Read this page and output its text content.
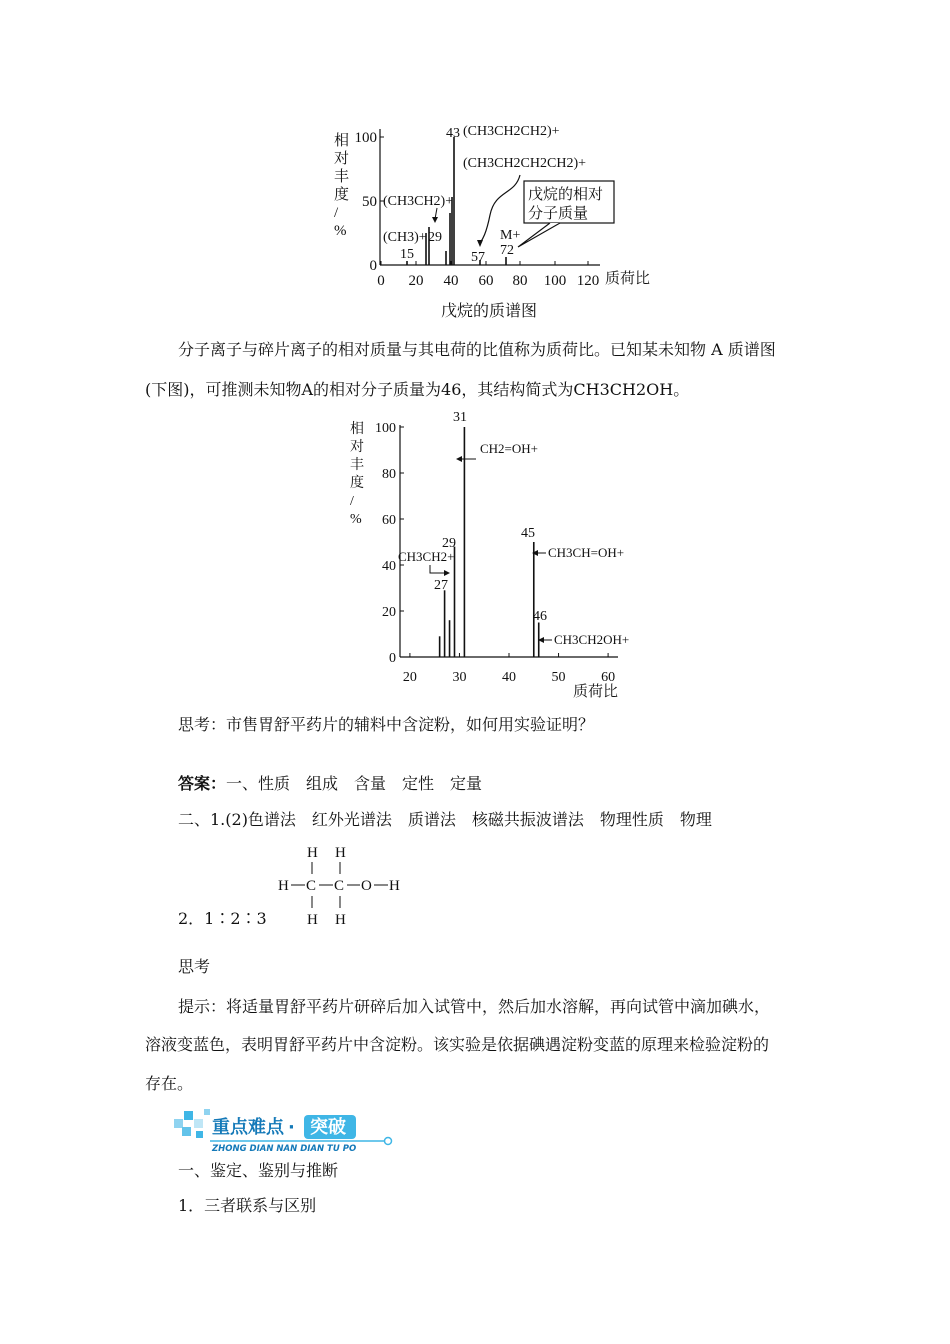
相对丰度/ %
100
50
0
0 20 40 60 80 100 120 质荷比
(CH3)+
15
(CH3CH2)+
29
43 (CH3CH2CH2)+
(CH3CH2CH2CH2)+
57
M+
72
戊烷的相对
分子质量
戊烷的质谱图
分子离子与碎片离子的相对质量与其电荷的比值称为质荷比。已知某未知物 A 质谱图
(下图)，可推测未知物A的相对分子质量为46，其结构简式为CH3CH2OH。
相对丰度/ %
0
20
40
60
80
100
20	30	40	50	60
质荷比
31
CH2=OH+
29
CH3CH2+
27
45
CH3CH=OH+
46
CH3CH2OH+
思考：市售胃舒平药片的辅料中含淀粉，如何用实验证明？
答案：一、性质　组成　含量　定性　定量
二、1.(2)色谱法　红外光谱法　质谱法　核磁共振波谱法　物理性质　物理
2．1∶2∶3
H H
H C C O H
H H
思考
提示：将适量胃舒平药片研碎后加入试管中，然后加水溶解，再向试管中滴加碘水，
溶液变蓝色，表明胃舒平药片中含淀粉。该实验是依据碘遇淀粉变蓝的原理来检验淀粉的
存在。
重点难点 · 突破
ZHONG DIAN NAN DIAN TU PO
一、鉴定、鉴别与推断
1．三者联系与区别
